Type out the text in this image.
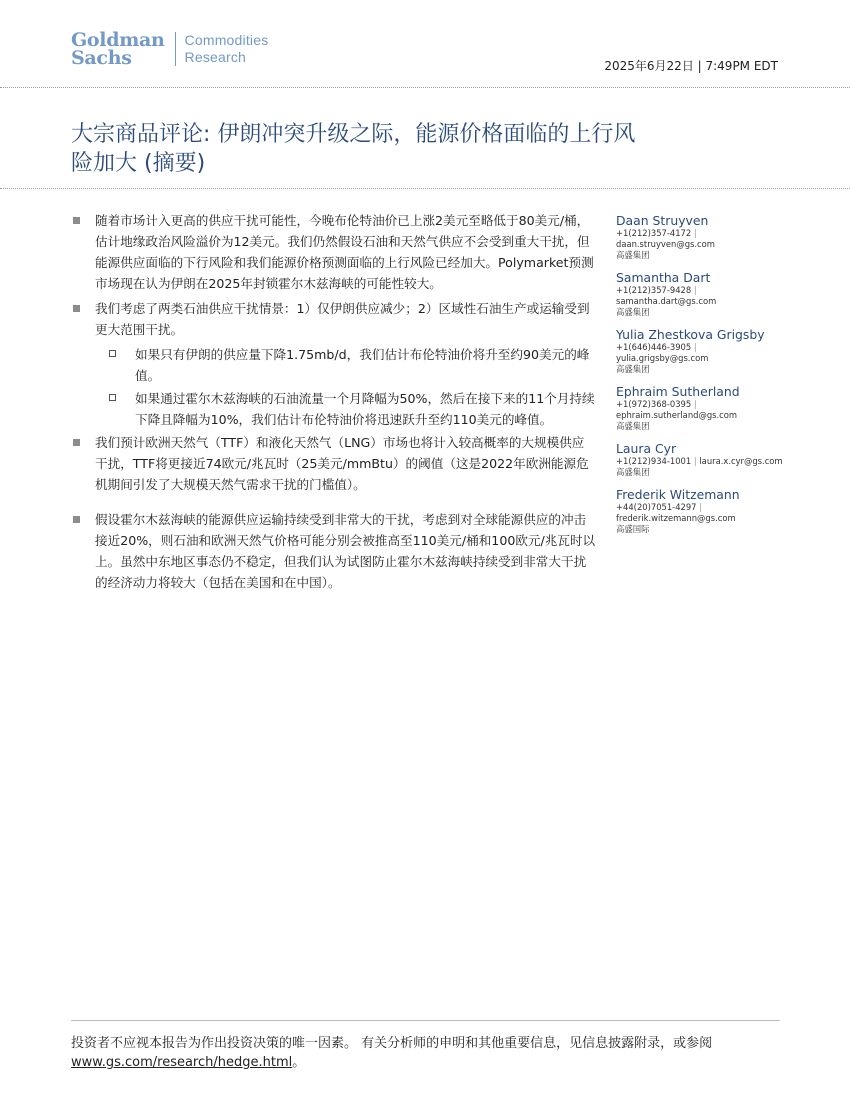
Goldman
Sachs
Commodities
Research
2025年6月22日 | 7:49PM EDT
大宗商品评论: 伊朗冲突升级之际，能源价格面临的上行风
险加大 (摘要)
随着市场计入更高的供应干扰可能性，今晚布伦特油价已上涨2美元至略低于80美元/桶，估计地缘政治风险溢价为12美元。我们仍然假设石油和天然气供应不会受到重大干扰，但能源供应面临的下行风险和我们能源价格预测面临的上行风险已经加大。Polymarket预测市场现在认为伊朗在2025年封锁霍尔木兹海峡的可能性较大。
我们考虑了两类石油供应干扰情景：1）仅伊朗供应减少；2）区域性石油生产或运输受到更大范围干扰。
如果只有伊朗的供应量下降1.75mb/d，我们估计布伦特油价将升至约90美元的峰值。
如果通过霍尔木兹海峡的石油流量一个月降幅为50%，然后在接下来的11个月持续下降且降幅为10%，我们估计布伦特油价将迅速跃升至约110美元的峰值。
我们预计欧洲天然气（TTF）和液化天然气（LNG）市场也将计入较高概率的大规模供应干扰，TTF将更接近74欧元/兆瓦时（25美元/mmBtu）的阈值（这是2022年欧洲能源危机期间引发了大规模天然气需求干扰的门槛值）。
假设霍尔木兹海峡的能源供应运输持续受到非常大的干扰，考虑到对全球能源供应的冲击接近20%，则石油和欧洲天然气价格可能分别会被推高至110美元/桶和100欧元/兆瓦时以上。虽然中东地区事态仍不稳定，但我们认为试图防止霍尔木兹海峡持续受到非常大干扰的经济动力将较大（包括在美国和在中国）。
Daan Struyven
+1(212)357-4172 |
daan.struyven@gs.com
高盛集团
Samantha Dart
+1(212)357-9428 |
samantha.dart@gs.com
高盛集团
Yulia Zhestkova Grigsby
+1(646)446-3905 |
yulia.grigsby@gs.com
高盛集团
Ephraim Sutherland
+1(972)368-0395 |
ephraim.sutherland@gs.com
高盛集团
Laura Cyr
+1(212)934-1001 | laura.x.cyr@gs.com
高盛集团
Frederik Witzemann
+44(20)7051-4297 |
frederik.witzemann@gs.com
高盛国际
投资者不应视本报告为作出投资决策的唯一因素。 有关分析师的申明和其他重要信息，见信息披露附录，或参阅
www.gs.com/research/hedge.html。
